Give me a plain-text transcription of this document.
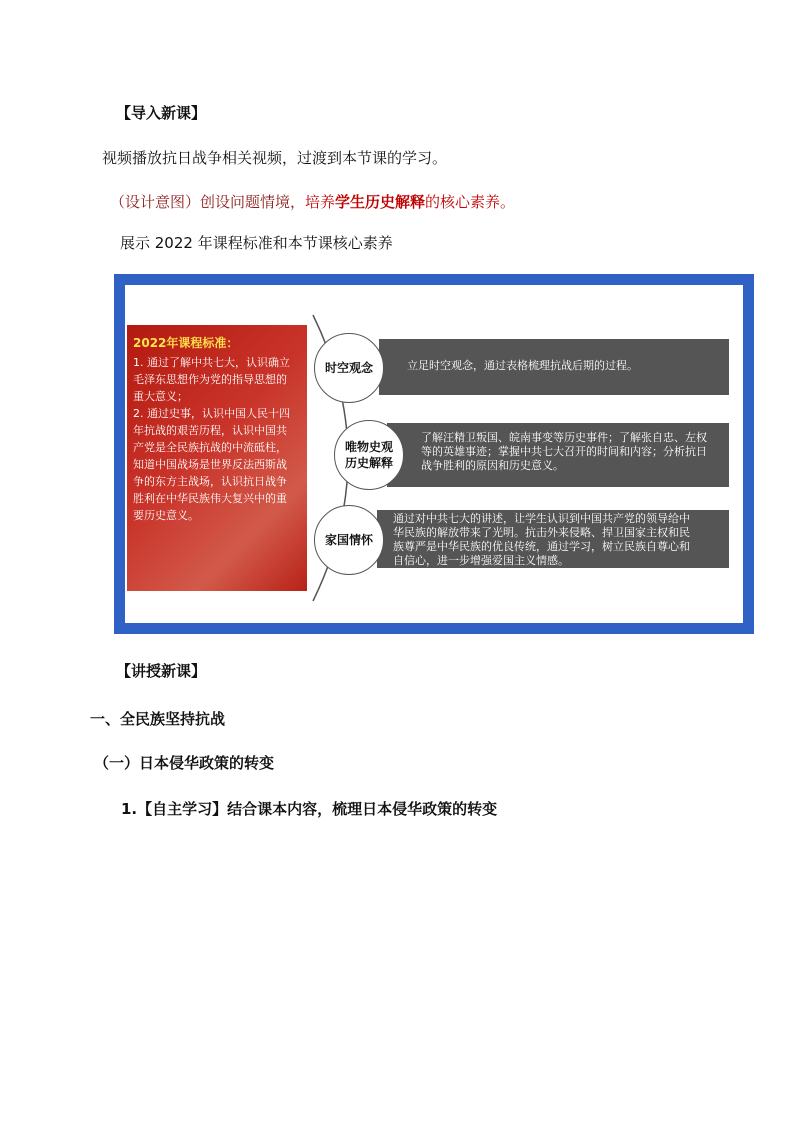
【导入新课】
视频播放抗日战争相关视频，过渡到本节课的学习。
（设计意图）创设问题情境，培养学生历史解释的核心素养。
展示 2022 年课程标准和本节课核心素养
2022年课程标准：
1. 通过了解中共七大，认识确立
毛泽东思想作为党的指导思想的
重大意义；
2. 通过史事，认识中国人民十四
年抗战的艰苦历程，认识中国共
产党是全民族抗战的中流砥柱，
知道中国战场是世界反法西斯战
争的东方主战场，认识抗日战争
胜利在中华民族伟大复兴中的重
要历史意义。
立足时空观念，通过表格梳理抗战后期的过程。
了解汪精卫叛国、皖南事变等历史事件；了解张自忠、左权
等的英雄事迹；掌握中共七大召开的时间和内容；分析抗日
战争胜利的原因和历史意义。
通过对中共七大的讲述，让学生认识到中国共产党的领导给中
华民族的解放带来了光明。抗击外来侵略、捍卫国家主权和民
族尊严是中华民族的优良传统，通过学习，树立民族自尊心和
自信心，进一步增强爱国主义情感。
时空观念
唯物史观
历史解释
家国情怀
【讲授新课】
一、全民族坚持抗战
（一）日本侵华政策的转变
1.【自主学习】结合课本内容，梳理日本侵华政策的转变
